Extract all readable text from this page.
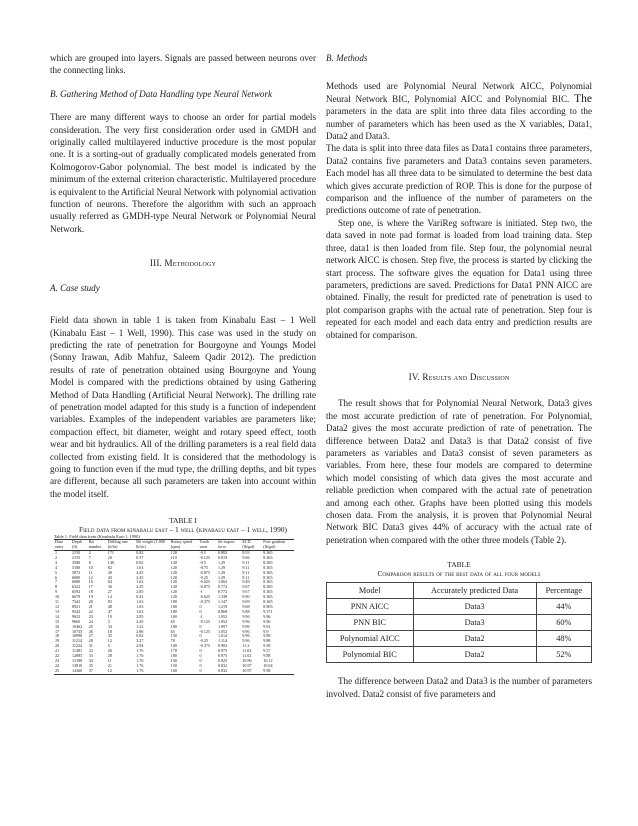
which are grouped into layers. Signals are passed between neurons over the connecting links.

B. Gathering Method of Data Handling type Neural Network

There are many different ways to choose an order for partial models consideration. The very first consideration order used in GMDH and originally called multilayered inductive procedure is the most popular one. It is a sorting-out of gradually complicated models generated from Kolmogorov-Gabor polynomial. The best model is indicated by the minimum of the external criterion characteristic. Multilayered procedure is equivalent to the Artificial Neural Network with polynomial activation function of neurons. Therefore the algorithm with such an approach usually referred as GMDH-type Neural Network or Polynomial Neural Network.

III. Methodology

A. Case study

Field data shown in table 1 is taken from Kinabalu East – 1 Well (Kinabalu East – 1 Well, 1990). This case was used in the study on predicting the rate of penetration for Bourgoyne and Youngs Model (Sonny Irawan, Adib Mahfuz, Saleem Qadir 2012). The prediction results of rate of penetration obtained using Bourgoyne and Young Model is compared with the predictions obtained by using Gathering Method of Data Handling (Artificial Neural Network). The drilling rate of penetration model adapted for this study is a function of independent variables. Examples of the independent variables are parameters like; compaction effect, bit diameter, weight and rotary speed effect, tooth wear and bit hydraulics. All of the drilling parameters is a real field data collected from existing field. It is considered that the methodology is going to function even if the mud type, the drilling depths, and bit types are different, because all such parameters are taken into account within the model itself.

TABLE I

Field data from kinabalu east – 1 well (kinabalu east – 1 well, 1990)

Table 1: Field data from (Kinabalu East-1, 1990)
Data entry	Depth (ft)	Bit number	Drilling rate (ft/hr)	Bit weight (1,000 lb/in.)	Rotary speed (rpm)	Tooth wear	Jet impact force	ECD (lb/gal)	Pore gradient (lb/gal)
1	2150	2	171	0.82	120	-0.5	0.882	8.93	8.365
2	2155	7	20	0.57	110	-0.125	0.819	9.06	8.365
3	3580	8	140	0.82	120	-0.5	1.29	9.11	8.365
4	5180	10	82	1.63	120	-0.75	1.29	9.11	8.365
5	5872	11	49	2.45	120	-0.875	1.29	9.11	8.365
6	6000	12	43	2.45	120	-0.25	1.29	9.11	8.365
7	6080	16	64	1.63	120	-0.625	1.062	9.49	8.365
8	6322	17	36	2.45	120	-0.875	0.772	9.67	8.365
9	6592	18	27	2.85	120	-1	0.772	9.67	8.365
10	6679	19	14	0.41	120	-0.625	1.338	9.90	8.365
11	7342	20	83	1.63	180	-0.375	1.147	9.69	8.365
12	8921	21	48	1.63	180	0	1.219	9.68	8.903
13	9343	22	47	1.63	180	0	0.868	9.88	9.571
14	9652	23	19	2.85	100	-1	1.052	9.96	9.96
15	9660	24	3	2.45	65	-0.125	1.052	9.96	9.96
16	10462	25	34	1.22	180	0	1.097	9.96	9.91
17	10735	26	18	2.86	65	-0.125	1.052	9.96	9.9
18	10990	27	35	0.82	150	0	1.014	9.96	9.89
19	11214	28	12	3.27	70	-0.25	1.114	9.96	9.88
20	11224	31	5	2.94	100	-0.375	0.903	11.3	9.39
21	11481	32	26	1.76	170	0	0.975	11.02	9.57
22	12883	33	28	1.76	180	0	0.975	11.02	9.88
23	13180	34	11	1.76	130	0	0.825	10.96	10.12
24	13810	35	21	1.76	150	0	0.832	10.97	10.04
25	14360	37	12	1.76	160	0	0.832	10.97	9.98

B. Methods

Methods used are Polynomial Neural Network AICC, Polynomial Neural Network BIC, Polynomial AICC and Polynomial BIC. The parameters in the data are split into three data files according to the number of parameters which has been used as the X variables, Data1, Data2 and Data3.

The data is split into three data files as Data1 contains three parameters, Data2 contains five parameters and Data3 contains seven parameters. Each model has all three data to be simulated to determine the best data which gives accurate prediction of ROP. This is done for the purpose of comparison and the influence of the number of parameters on the predictions outcome of rate of penetration.

Step one, is where the VariReg software is initiated. Step two, the data saved in note pad format is loaded from load training data. Step three, data1 is then loaded from file. Step four, the polynomial neural network AICC is chosen. Step five, the process is started by clicking the start process. The software gives the equation for Data1 using three parameters, predictions are saved. Predictions for Data1 PNN AICC are obtained. Finally, the result for predicted rate of penetration is used to plot comparison graphs with the actual rate of penetration. Step four is repeated for each model and each data entry and prediction results are obtained for comparison.

IV. Results and Discussion

The result shows that for Polynomial Neural Network, Data3 gives the most accurate prediction of rate of penetration. For Polynomial, Data2 gives the most accurate prediction of rate of penetration. The difference between Data2 and Data3 is that Data2 consist of five parameters as variables and Data3 consist of seven parameters as variables. From here, these four models are compared to determine which model consisting of which data gives the most accurate and reliable prediction when compared with the actual rate of penetration and among each other. Graphs have been plotted using this models chosen data. From the analysis, it is proven that Polynomial Neural Network BIC Data3 gives 44% of accuracy with the actual rate of penetration when compared with the other three models (Table 2).

TABLE

Comparison results of the best data of all four models

Model	Accurately predicted Data	Percentage
PNN AICC	Data3	44%
PNN BIC	Data3	60%
Polynomial AICC	Data2	48%
Polynomial BIC	Data2	52%

The difference between Data2 and Data3 is the number of parameters involved. Data2 consist of five parameters and
